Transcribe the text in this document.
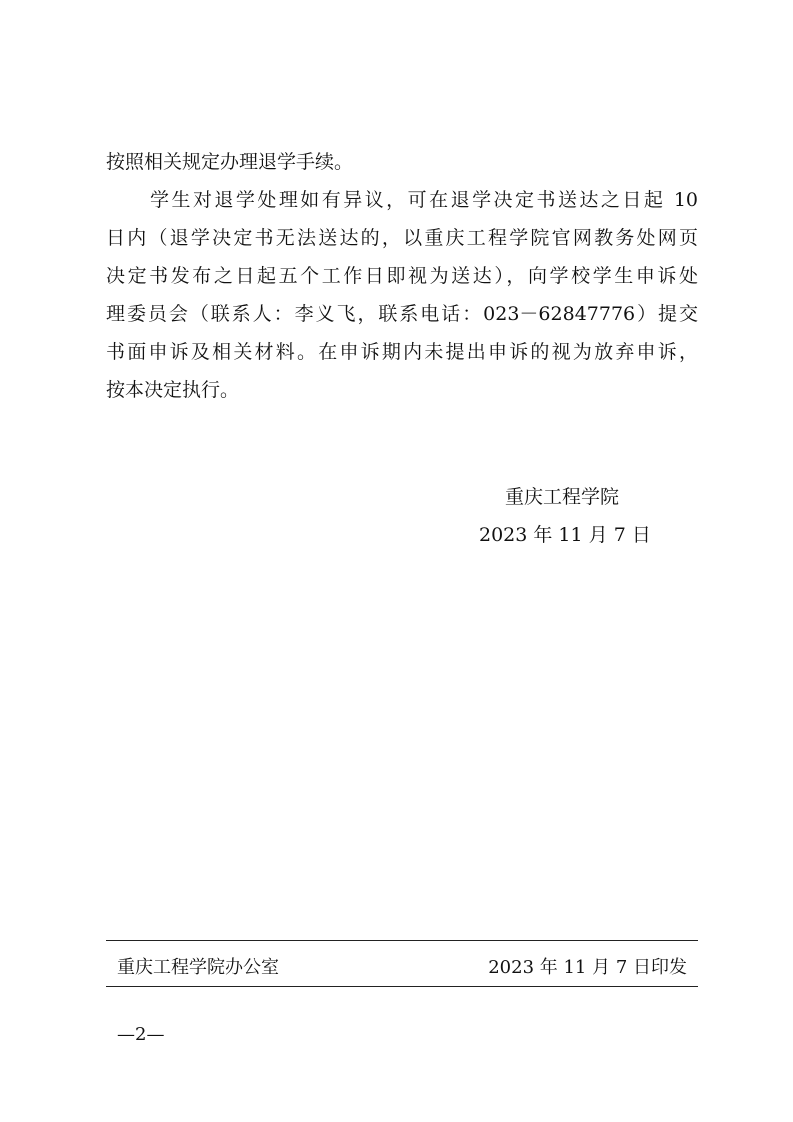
按照相关规定办理退学手续。
学生对退学处理如有异议，可在退学决定书送达之日起 10
日内（退学决定书无法送达的，以重庆工程学院官网教务处网页
决定书发布之日起五个工作日即视为送达），向学校学生申诉处
理委员会（联系人：李义飞，联系电话：023－62847776）提交
书面申诉及相关材料。在申诉期内未提出申诉的视为放弃申诉，
按本决定执行。
重庆工程学院
2023 年 11 月 7 日
重庆工程学院办公室	2023 年 11 月 7 日印发
—2—
